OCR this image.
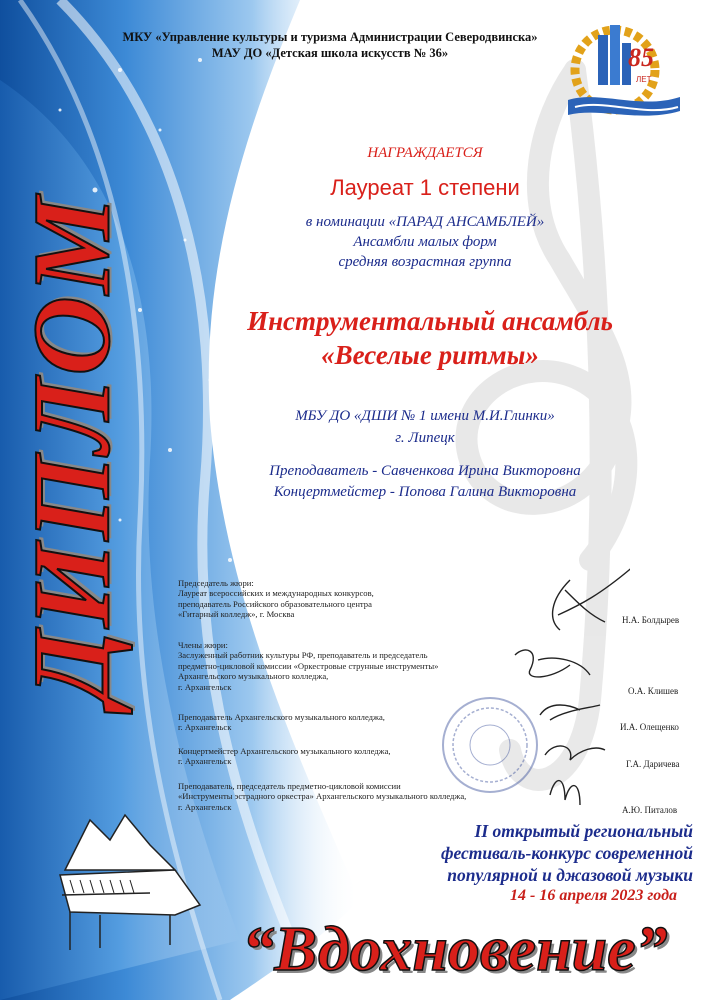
МКУ «Управление культуры и туризма Администрации Северодвинска»
МАУ ДО «Детская школа искусств № 36»	85
ЛЕТ
ДИПЛОМ
НАГРАЖДАЕТСЯ
Лауреат 1 степени
в номинации «ПАРАД АНСАМБЛЕЙ»
Ансамбли малых форм
средняя возрастная группа
Инструментальный ансамбль
«Веселые ритмы»
МБУ ДО «ДШИ № 1 имени М.И.Глинки»
г. Липецк
Преподаватель - Савченкова Ирина Викторовна
Концертмейстер - Попова Галина Викторовна
Председатель жюри:
Лауреат всероссийских и международных конкурсов,
преподаватель Российского образовательного центра
«Гитарный колледж», г. Москва
Н.А. Болдырев
Члены жюри:
Заслуженный работник культуры РФ, преподаватель и председатель
предметно-цикловой комиссии «Оркестровые струнные инструменты»
Архангельского музыкального колледжа,
г. Архангельск	О.А. Клишев
Преподаватель Архангельского музыкального колледжа,
г. Архангельск	И.А. Олещенко
Концертмейстер Архангельского музыкального колледжа,
г. Архангельск	Г.А. Даричева
Преподаватель, председатель предметно-цикловой комиссии
«Инструменты эстрадного оркестра» Архангельского музыкального колледжа,
г. Архангельск	А.Ю. Питалов
II открытый региональный
фестиваль-конкурс современной
популярной и джазовой музыки
14 - 16 апреля 2023 года
“Вдохновение”
